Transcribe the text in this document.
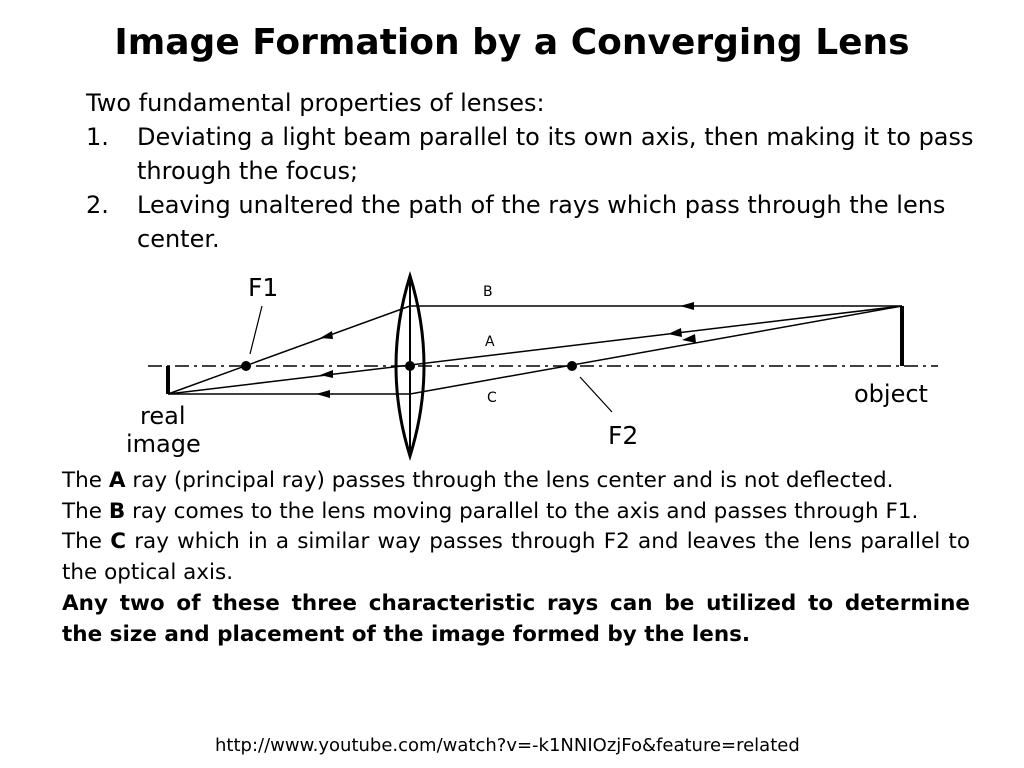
Image Formation by a Converging Lens
Two fundamental properties of lenses:
1. Deviating a light beam parallel to its own axis, then making it to pass through the focus;
2. Leaving unaltered the path of the rays which pass through the lens center.
F1
F2
B
A
C	object
real
image

The A ray (principal ray) passes through the lens center and is not deflected.

The B ray comes to the lens moving parallel to the axis and passes through F1.

The C ray which in a similar way passes through F2 and leaves the lens parallel to the optical axis.

Any two of these three characteristic rays can be utilized to determine the size and placement of the image formed by the lens.

http://www.youtube.com/watch?v=-k1NNIOzjFo&feature=related
